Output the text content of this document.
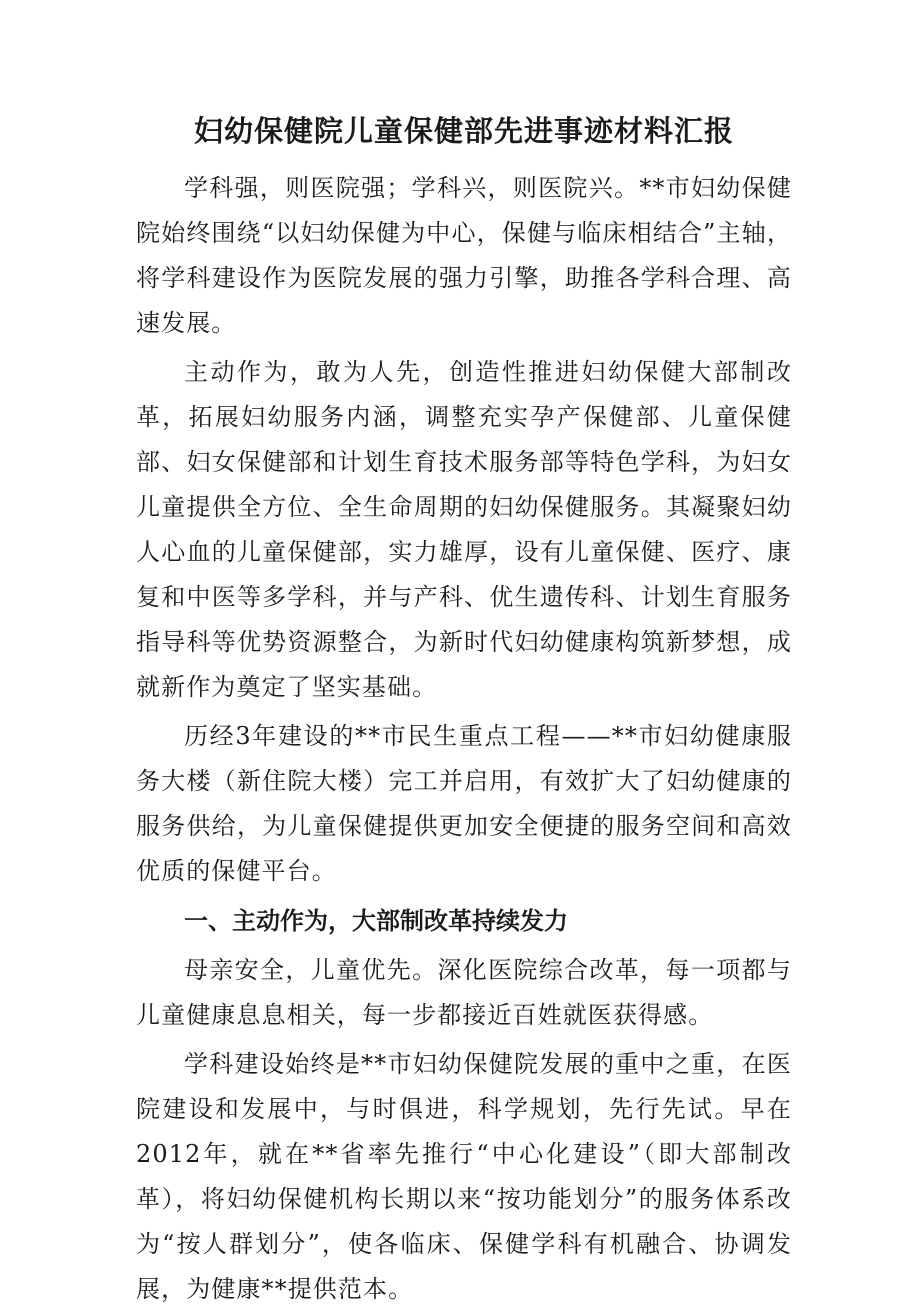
妇幼保健院儿童保健部先进事迹材料汇报

学科强，则医院强；学科兴，则医院兴。**市妇幼保健院始终围绕“以妇幼保健为中心，保健与临床相结合”主轴，将学科建设作为医院发展的强力引擎，助推各学科合理、高速发展。

主动作为，敢为人先，创造性推进妇幼保健大部制改革，拓展妇幼服务内涵，调整充实孕产保健部、儿童保健部、妇女保健部和计划生育技术服务部等特色学科，为妇女儿童提供全方位、全生命周期的妇幼保健服务。其凝聚妇幼人心血的儿童保健部，实力雄厚，设有儿童保健、医疗、康复和中医等多学科，并与产科、优生遗传科、计划生育服务指导科等优势资源整合，为新时代妇幼健康构筑新梦想，成就新作为奠定了坚实基础。

历经3年建设的**市民生重点工程——**市妇幼健康服务大楼（新住院大楼）完工并启用，有效扩大了妇幼健康的服务供给，为儿童保健提供更加安全便捷的服务空间和高效优质的保健平台。

一、主动作为，大部制改革持续发力

母亲安全，儿童优先。深化医院综合改革，每一项都与儿童健康息息相关，每一步都接近百姓就医获得感。

学科建设始终是**市妇幼保健院发展的重中之重，在医院建设和发展中，与时俱进，科学规划，先行先试。早在2012年，就在**省率先推行“中心化建设”（即大部制改革），将妇幼保健机构长期以来“按功能划分”的服务体系改为“按人群划分”，使各临床、保健学科有机融合、协调发展，为健康**提供范本。
